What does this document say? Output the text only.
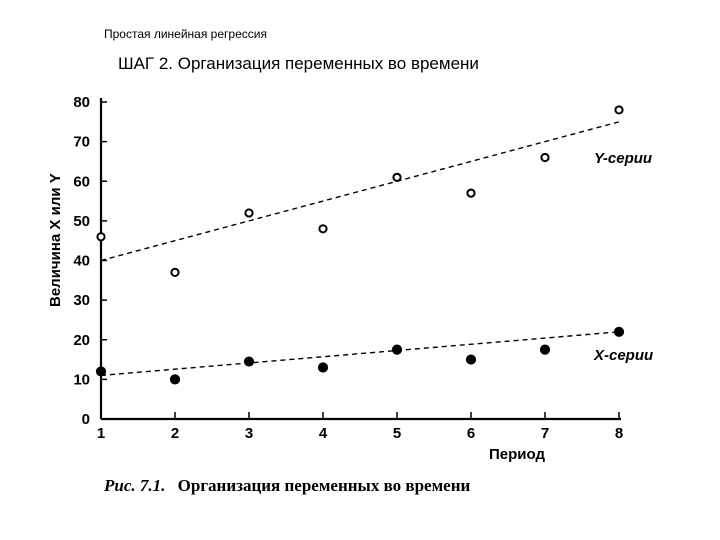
Простая линейная регрессия
ШАГ 2. Организация переменных во времени
0
10
20
30
40
50
60
70
80
1	2	3	4	5	6	7	8
Величина X или Y
Период
Y-серии
X-серии
Рис. 7.1. Организация переменных во времени
